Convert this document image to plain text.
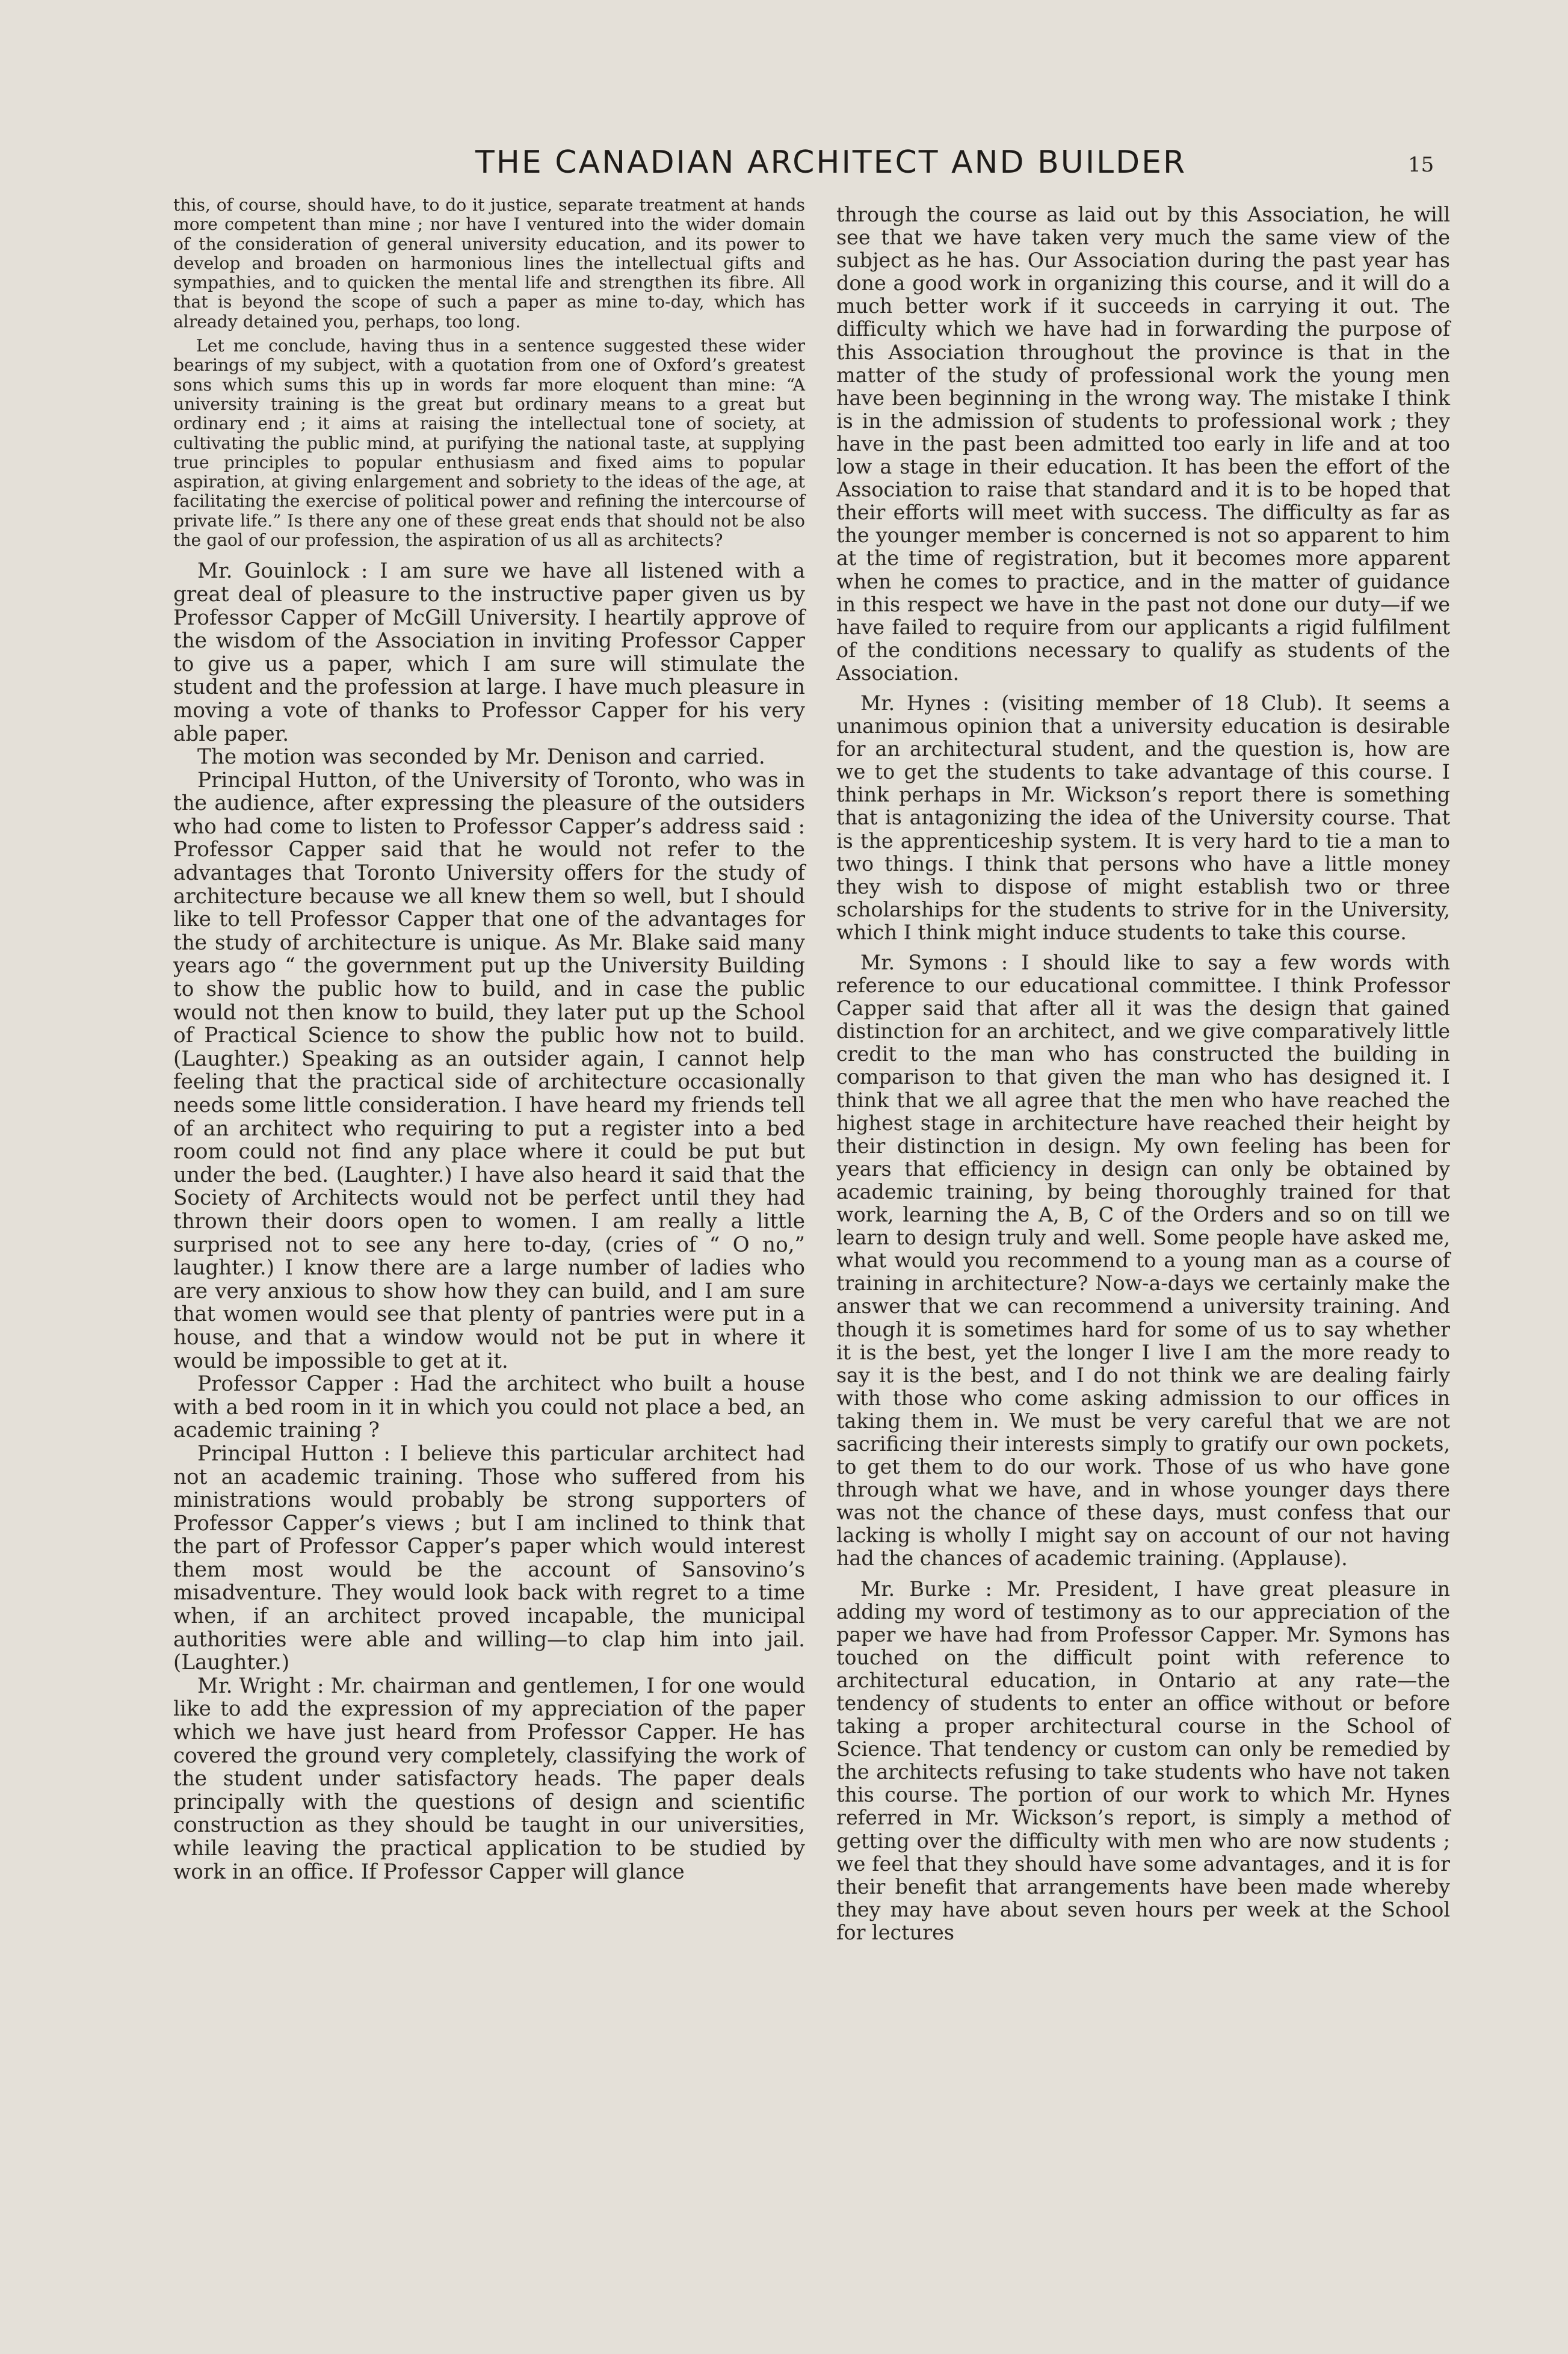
THE CANADIAN ARCHITECT AND BUILDER	15

this, of course, should have, to do it justice, separate treatment at hands more competent than mine ; nor have I ventured into the wider domain of the consideration of general university education, and its power to develop and broaden on harmonious lines the intellectual gifts and sympathies, and to quicken the mental life and strengthen its fibre. All that is beyond the scope of such a paper as mine to-day, which has already detained you, perhaps, too long.

Let me conclude, having thus in a sentence suggested these wider bearings of my subject, with a quotation from one of Oxford’s greatest sons which sums this up in words far more eloquent than mine: “A university training is the great but ordinary means to a great but ordinary end ; it aims at raising the intellectual tone of society, at cultivating the public mind, at purifying the national taste, at supplying true principles to popular enthusiasm and fixed aims to popular aspiration, at giving enlargement and sobriety to the ideas of the age, at facilitating the exercise of political power and refining the intercourse of private life.” Is there any one of these great ends that should not be also the gaol of our profession, the aspiration of us all as architects?

Mr. Gouinlock : I am sure we have all listened with a great deal of pleasure to the instructive paper given us by Professor Capper of McGill University. I heartily approve of the wisdom of the Association in inviting Professor Capper to give us a paper, which I am sure will stimulate the student and the profession at large. I have much pleasure in moving a vote of thanks to Professor Capper for his very able paper.

The motion was seconded by Mr. Denison and carried.

Principal Hutton, of the University of Toronto, who was in the audience, after expressing the pleasure of the outsiders who had come to listen to Professor Capper’s address said : Professor Capper said that he would not refer to the advantages that Toronto University offers for the study of architecture because we all knew them so well, but I should like to tell Professor Capper that one of the advantages for the study of architecture is unique. As Mr. Blake said many years ago “ the government put up the University Building to show the public how to build, and in case the public would not then know to build, they later put up the School of Practical Science to show the public how not to build. (Laughter.) Speaking as an outsider again, I cannot help feeling that the practical side of architecture occasionally needs some little consideration. I have heard my friends tell of an architect who requiring to put a register into a bed room could not find any place where it could be put but under the bed. (Laughter.) I have also heard it said that the Society of Architects would not be perfect until they had thrown their doors open to women. I am really a little surprised not to see any here to-day, (cries of “ O no,” laughter.) I know there are a large number of ladies who are very anxious to show how they can build, and I am sure that women would see that plenty of pantries were put in a house, and that a window would not be put in where it would be impossible to get at it.

Professor Capper : Had the architect who built a house with a bed room in it in which you could not place a bed, an academic training ?

Principal Hutton : I believe this particular architect had not an academic training. Those who suffered from his ministrations would probably be strong supporters of Professor Capper’s views ; but I am inclined to think that the part of Professor Capper’s paper which would interest them most would be the account of Sansovino’s misadventure. They would look back with regret to a time when, if an architect proved incapable, the municipal authorities were able and willing—to clap him into jail. (Laughter.)

Mr. Wright : Mr. chairman and gentlemen, I for one would like to add the expression of my appreciation of the paper which we have just heard from Professor Capper. He has covered the ground very completely, classifying the work of the student under satisfactory heads. The paper deals principally with the questions of design and scientific construction as they should be taught in our universities, while leaving the practical application to be studied by work in an office. If Professor Capper will glance

through the course as laid out by this Association, he will see that we have taken very much the same view of the subject as he has. Our Association during the past year has done a good work in organizing this course, and it will do a much better work if it succeeds in carrying it out. The difficulty which we have had in forwarding the purpose of this Association throughout the province is that in the matter of the study of professional work the young men have been beginning in the wrong way. The mistake I think is in the admission of students to professional work ; they have in the past been admitted too early in life and at too low a stage in their education. It has been the effort of the Association to raise that standard and it is to be hoped that their efforts will meet with success. The difficulty as far as the younger member is concerned is not so apparent to him at the time of registration, but it becomes more apparent when he comes to practice, and in the matter of guidance in this respect we have in the past not done our duty—if we have failed to require from our applicants a rigid fulfilment of the conditions necessary to qualify as students of the Association.

Mr. Hynes : (visiting member of 18 Club). It seems a unanimous opinion that a university education is desirable for an architectural student, and the question is, how are we to get the students to take advantage of this course. I think perhaps in Mr. Wickson’s report there is something that is antagonizing the idea of the University course. That is the apprenticeship system. It is very hard to tie a man to two things. I think that persons who have a little money they wish to dispose of might establish two or three scholarships for the students to strive for in the University, which I think might induce students to take this course.

Mr. Symons : I should like to say a few words with reference to our educational committee. I think Professor Capper said that after all it was the design that gained distinction for an architect, and we give comparatively little credit to the man who has constructed the building in comparison to that given the man who has designed it. I think that we all agree that the men who have reached the highest stage in architecture have reached their height by their distinction in design. My own feeling has been for years that efficiency in design can only be obtained by academic training, by being thoroughly trained for that work, learning the A, B, C of the Orders and so on till we learn to design truly and well. Some people have asked me, what would you recommend to a young man as a course of training in architecture? Now-a-days we certainly make the answer that we can recommend a university training. And though it is sometimes hard for some of us to say whether it is the best, yet the longer I live I am the more ready to say it is the best, and I do not think we are dealing fairly with those who come asking admission to our offices in taking them in. We must be very careful that we are not sacrificing their interests simply to gratify our own pockets, to get them to do our work. Those of us who have gone through what we have, and in whose younger days there was not the chance of these days, must confess that our lacking is wholly I might say on account of our not having had the chances of academic training. (Applause).

Mr. Burke : Mr. President, I have great pleasure in adding my word of testimony as to our appreciation of the paper we have had from Professor Capper. Mr. Symons has touched on the difficult point with reference to architectural education, in Ontario at any rate—the tendency of students to enter an office without or before taking a proper architectural course in the School of Science. That tendency or custom can only be remedied by the architects refusing to take students who have not taken this course. The portion of our work to which Mr. Hynes referred in Mr. Wickson’s report, is simply a method of getting over the difficulty with men who are now students ; we feel that they should have some advantages, and it is for their benefit that arrangements have been made whereby they may have about seven hours per week at the School for lectures
